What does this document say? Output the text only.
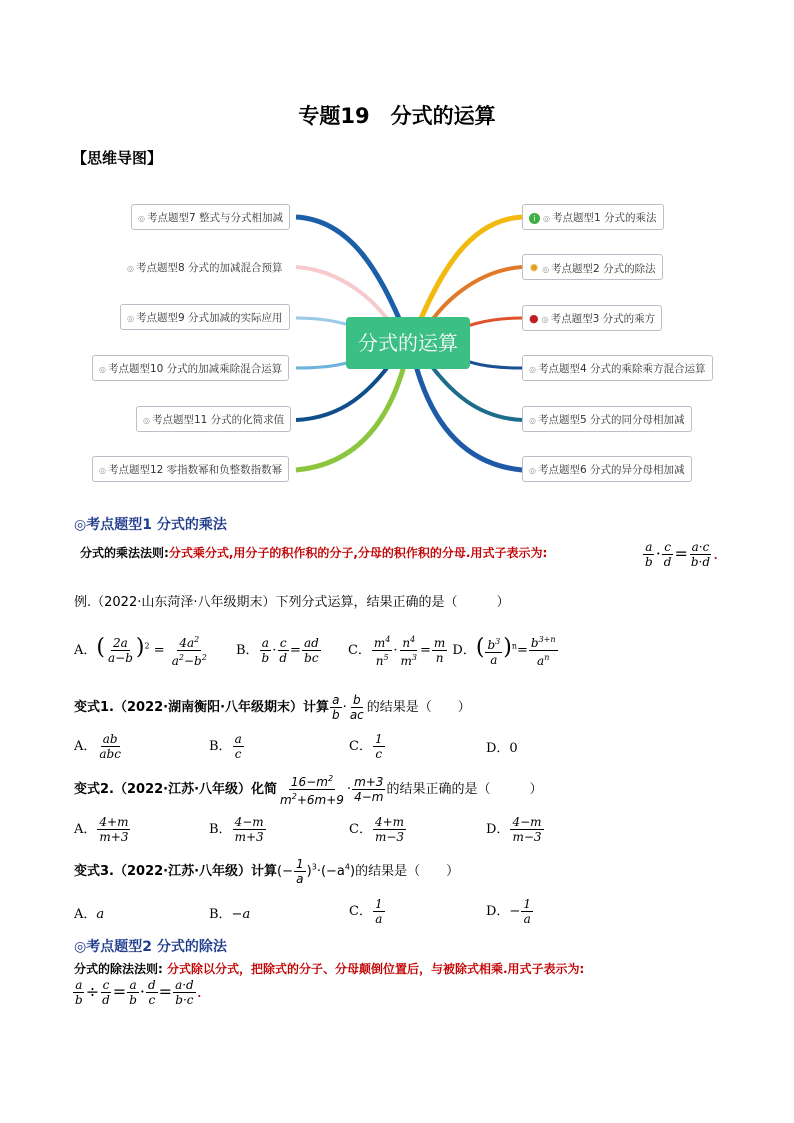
专题19　分式的运算
【思维导图】
分式的运算
◎ 考点题型7 整式与分式相加减
◎ 考点题型8 分式的加减混合预算
◎ 考点题型9 分式加减的实际应用
◎ 考点题型10 分式的加减乘除混合运算
◎ 考点题型11 分式的化简求值
◎ 考点题型12 零指数幂和负整数指数幂
i ◎ 考点题型1 分式的乘法
✹ ◎ 考点题型2 分式的除法
● ◎ 考点题型3 分式的乘方
◎ 考点题型4 分式的乘除乘方混合运算
◎ 考点题型5 分式的同分母相加减
◎ 考点题型6 分式的异分母相加减
◎考点题型1 分式的乘法
分式的乘法法则:分式乘分式,用分子的积作积的分子,分母的积作积的分母.用式子表示为:	$\frac{a}{b} \cdot \frac{c}{d} = \frac{a\cdot c}{b\cdot d}$ .
例.（2022·山东菏泽·八年级期末）下列分式运算，结果正确的是（　　　）
A．( $\frac{2a}{a-b} )^2 = \frac{4a^2}{a^2-b^2}$ B． $\frac{a}{b} \cdot \frac{c}{d} = \frac{ad}{bc}$ C． $\frac{m^4}{n^5} \cdot \frac{n^4}{m^3} = \frac{m}{n}$ D．( $\frac{b^3}{a} )^n= \frac{b^{3+n}}{a^n}$
变式1.（2022·湖南衡阳·八年级期末）计算 $\frac{a}{b} \cdot \frac{b}{ac}$ 的结果是（　　）
A． $\frac{ab}{\text{abc}}$	B． $\frac{a}{c}$	C． $\frac{1}{c}$	D．0
变式2.（2022·江苏·八年级）化简 $\frac{16-m^2}{m^2+6m+9} \cdot \frac{m+3}{4-m}$ 的结果正确的是（　　　）
A． $\frac{4+m}{m+3}$	B． $\frac{4-m}{m+3}$	C． $\frac{4+m}{m-3}$	D． $\frac{4-m}{m-3}$
变式3.（2022·江苏·八年级）计算(− $\frac{1}{a} )^3\cdot(-a^4)$的结果是（　　）
A．a	B．−a	C． $\frac{1}{a}$	D．− $\frac{1}{a}$
◎考点题型2 分式的除法
分式的除法法则: 分式除以分式，把除式的分子、分母颠倒位置后，与被除式相乘.用式子表示为:
$\frac{a}{b} \div \frac{c}{d} = \frac{a}{b} \cdot \frac{d}{c} = \frac{a\cdot d}{b\cdot c}$ .
